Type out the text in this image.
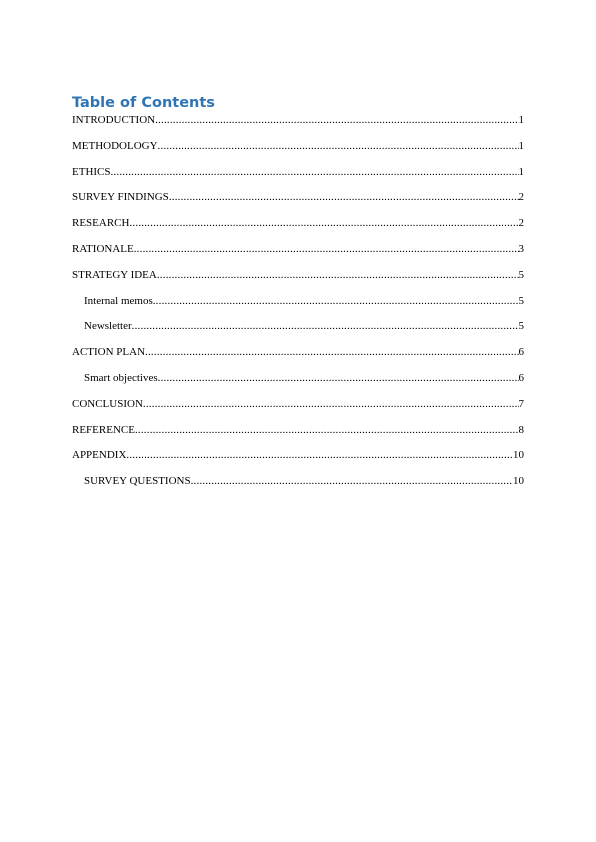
Table of Contents
INTRODUCTION .....	1
METHODOLOGY .....	1
ETHICS .....	1
SURVEY FINDINGS .....	2
RESEARCH .....	2
RATIONALE .....	3
STRATEGY IDEA .....	5
Internal memos .....	5
Newsletter .....	5
ACTION PLAN .....	6
Smart objectives .....	6
CONCLUSION .....	7
REFERENCE .....	8
APPENDIX .....	10
SURVEY QUESTIONS .....	10
